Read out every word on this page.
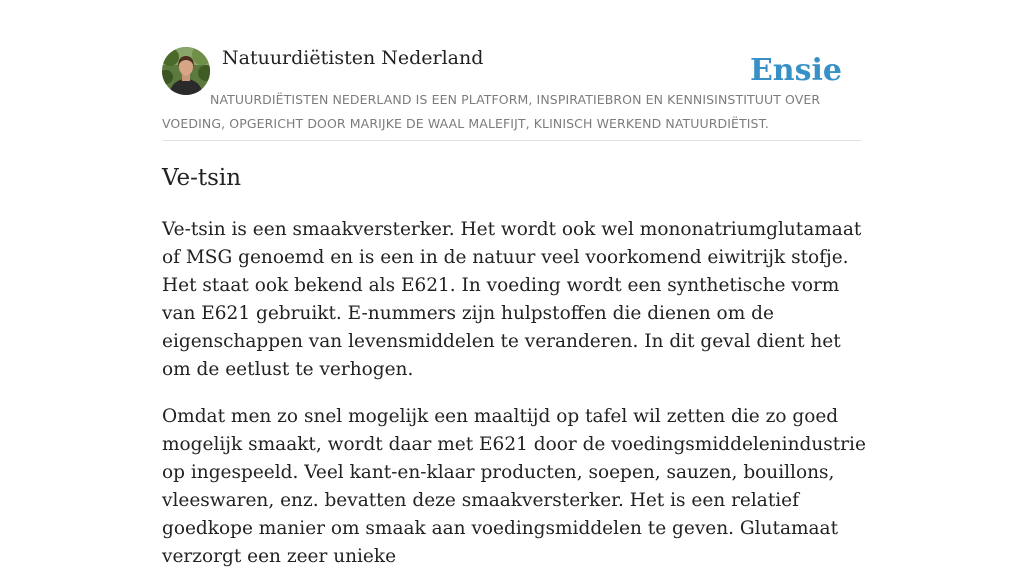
Natuurdiëtisten Nederland	Ensie

NATUURDIËTISTEN NEDERLAND IS EEN PLATFORM, INSPIRATIEBRON EN KENNISINSTITUUT OVER VOEDING, OPGERICHT DOOR MARIJKE DE WAAL MALEFIJT, KLINISCH WERKEND NATUURDIËTIST.

Ve-tsin

Ve-tsin is een smaakversterker. Het wordt ook wel mononatriumglutamaat of MSG genoemd en is een in de natuur veel voorkomend eiwitrijk stofje. Het staat ook bekend als E621. In voeding wordt een synthetische vorm van E621 gebruikt. E-nummers zijn hulpstoffen die dienen om de eigenschappen van levensmiddelen te veranderen. In dit geval dient het om de eetlust te verhogen.

Omdat men zo snel mogelijk een maaltijd op tafel wil zetten die zo goed mogelijk smaakt, wordt daar met E621 door de voedingsmiddelenindustrie op ingespeeld. Veel kant-en-klaar producten, soepen, sauzen, bouillons, vleeswaren, enz. bevatten deze smaakversterker. Het is een relatief goedkope manier om smaak aan voedingsmiddelen te geven. Glutamaat verzorgt een zeer unieke
